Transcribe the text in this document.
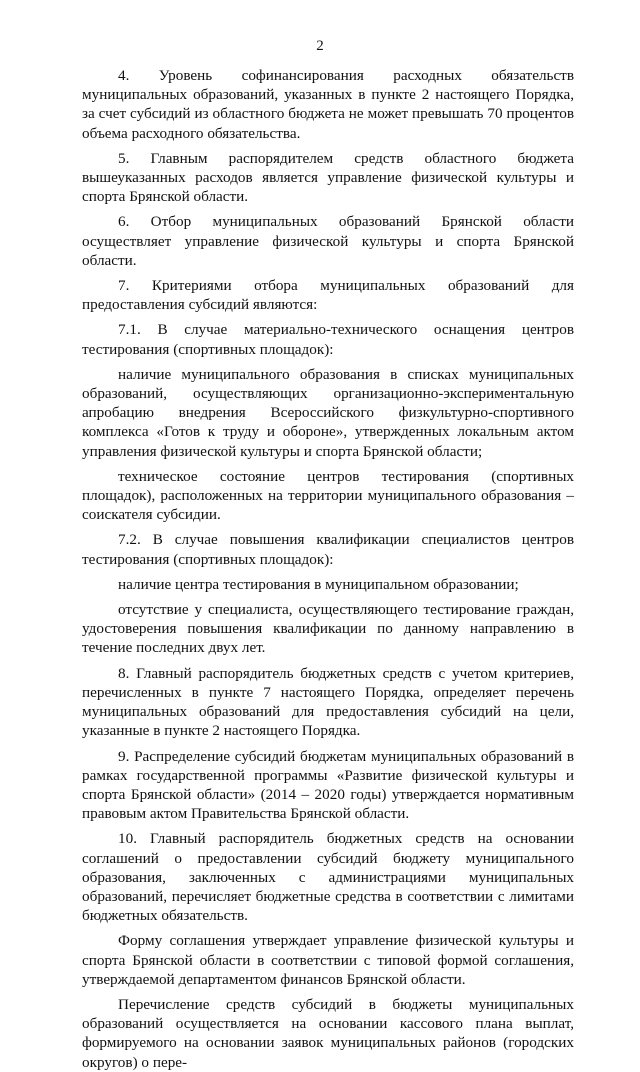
2

4. Уровень софинансирования расходных обязательств муниципальных образований, указанных в пункте 2 настоящего Порядка, за счет субсидий из областного бюджета не может превышать 70 процентов объема расходного обязательства.

5. Главным распорядителем средств областного бюджета вышеуказанных расходов является управление физической культуры и спорта Брянской области.

6. Отбор муниципальных образований Брянской области осуществляет управление физической культуры и спорта Брянской области.

7. Критериями отбора муниципальных образований для предоставления субсидий являются:

7.1. В случае материально-технического оснащения центров тестирования (спортивных площадок):

наличие муниципального образования в списках муниципальных образований, осуществляющих организационно-экспериментальную апробацию внедрения Всероссийского физкультурно-спортивного комплекса «Готов к труду и обороне», утвержденных локальным актом управления физической культуры и спорта Брянской области;

техническое состояние центров тестирования (спортивных площадок), расположенных на территории муниципального образования – соискателя субсидии.

7.2. В случае повышения квалификации специалистов центров тестирования (спортивных площадок):

наличие центра тестирования в муниципальном образовании;

отсутствие у специалиста, осуществляющего тестирование граждан, удостоверения повышения квалификации по данному направлению в течение последних двух лет.

8. Главный распорядитель бюджетных средств с учетом критериев, перечисленных в пункте 7 настоящего Порядка, определяет перечень муниципальных образований для предоставления субсидий на цели, указанные в пункте 2 настоящего Порядка.

9. Распределение субсидий бюджетам муниципальных образований в рамках государственной программы «Развитие физической культуры и спорта Брянской области» (2014 – 2020 годы) утверждается нормативным правовым актом Правительства Брянской области.

10. Главный распорядитель бюджетных средств на основании соглашений о предоставлении субсидий бюджету муниципального образования, заключенных с администрациями муниципальных образований, перечисляет бюджетные средства в соответствии с лимитами бюджетных обязательств.

Форму соглашения утверждает управление физической культуры и спорта Брянской области в соответствии с типовой формой соглашения, утверждаемой департаментом финансов Брянской области.

Перечисление средств субсидий в бюджеты муниципальных образований осуществляется на основании кассового плана выплат, формируемого на основании заявок муниципальных районов (городских округов) о пере-
